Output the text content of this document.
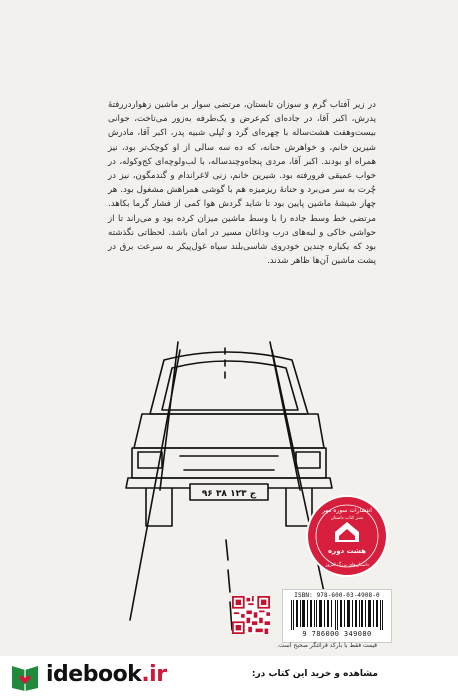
در زیر آفتاب گرم و سوزان تابستان، مرتضی سوار بر ماشین زهواردررفتهٔ پدرش، اکبر آقا، در جاده‌ای کم‌عرض و یک‌طرفه به‌زور می‌تاخت، جوانی بیست‌وهفت هشت‌ساله با چهره‌ای گرد و تُپلی شبیه پدر، اکبر آقا، مادرش شیرین خانم، و خواهرش حنانه، که ده سه سالی از او کوچک‌تر بود، نیز همراه او بودند. اکبر آقا، مردی پنجاه‌وچندساله، با لب‌ولوچه‌ای کج‌وکوله، در خواب عمیقی فرورفته بود. شیرین خانم، زنی لاغراندام و گندمگون، نیز در چُرت به سر می‌برد و حنانهٔ ریزمیزه هم با گوشی همراهش مشغول بود. هر چهار شیشهٔ ماشین پایین بود تا شاید گردش هوا کمی از فشار گرما بکاهد. مرتضی خط وسط جاده را با وسط ماشین میزان کرده بود و می‌راند تا از حواشی خاکی و لبه‌های درب وداغان مسیر در امان باشد. لحظاتی نگذشته بود که یکباره چندین خودروی شاسی‌بلند سیاه غول‌پیکر به سرعت برق در پشت ماشین آن‌ها ظاهر شدند.

۹۶ ج ۱۲۳ ۳۸
انتشارات سوره مهر
نشر کتاب داستان
هشت دوره
داستان‌های بزرگ امروز
ISBN: 978-600-03-4908-0
9 786000 349080
قیمت فقط با بارکد قرائتگر صحیح است.
idebook.ir	مشاهده و خرید این کتاب در:
